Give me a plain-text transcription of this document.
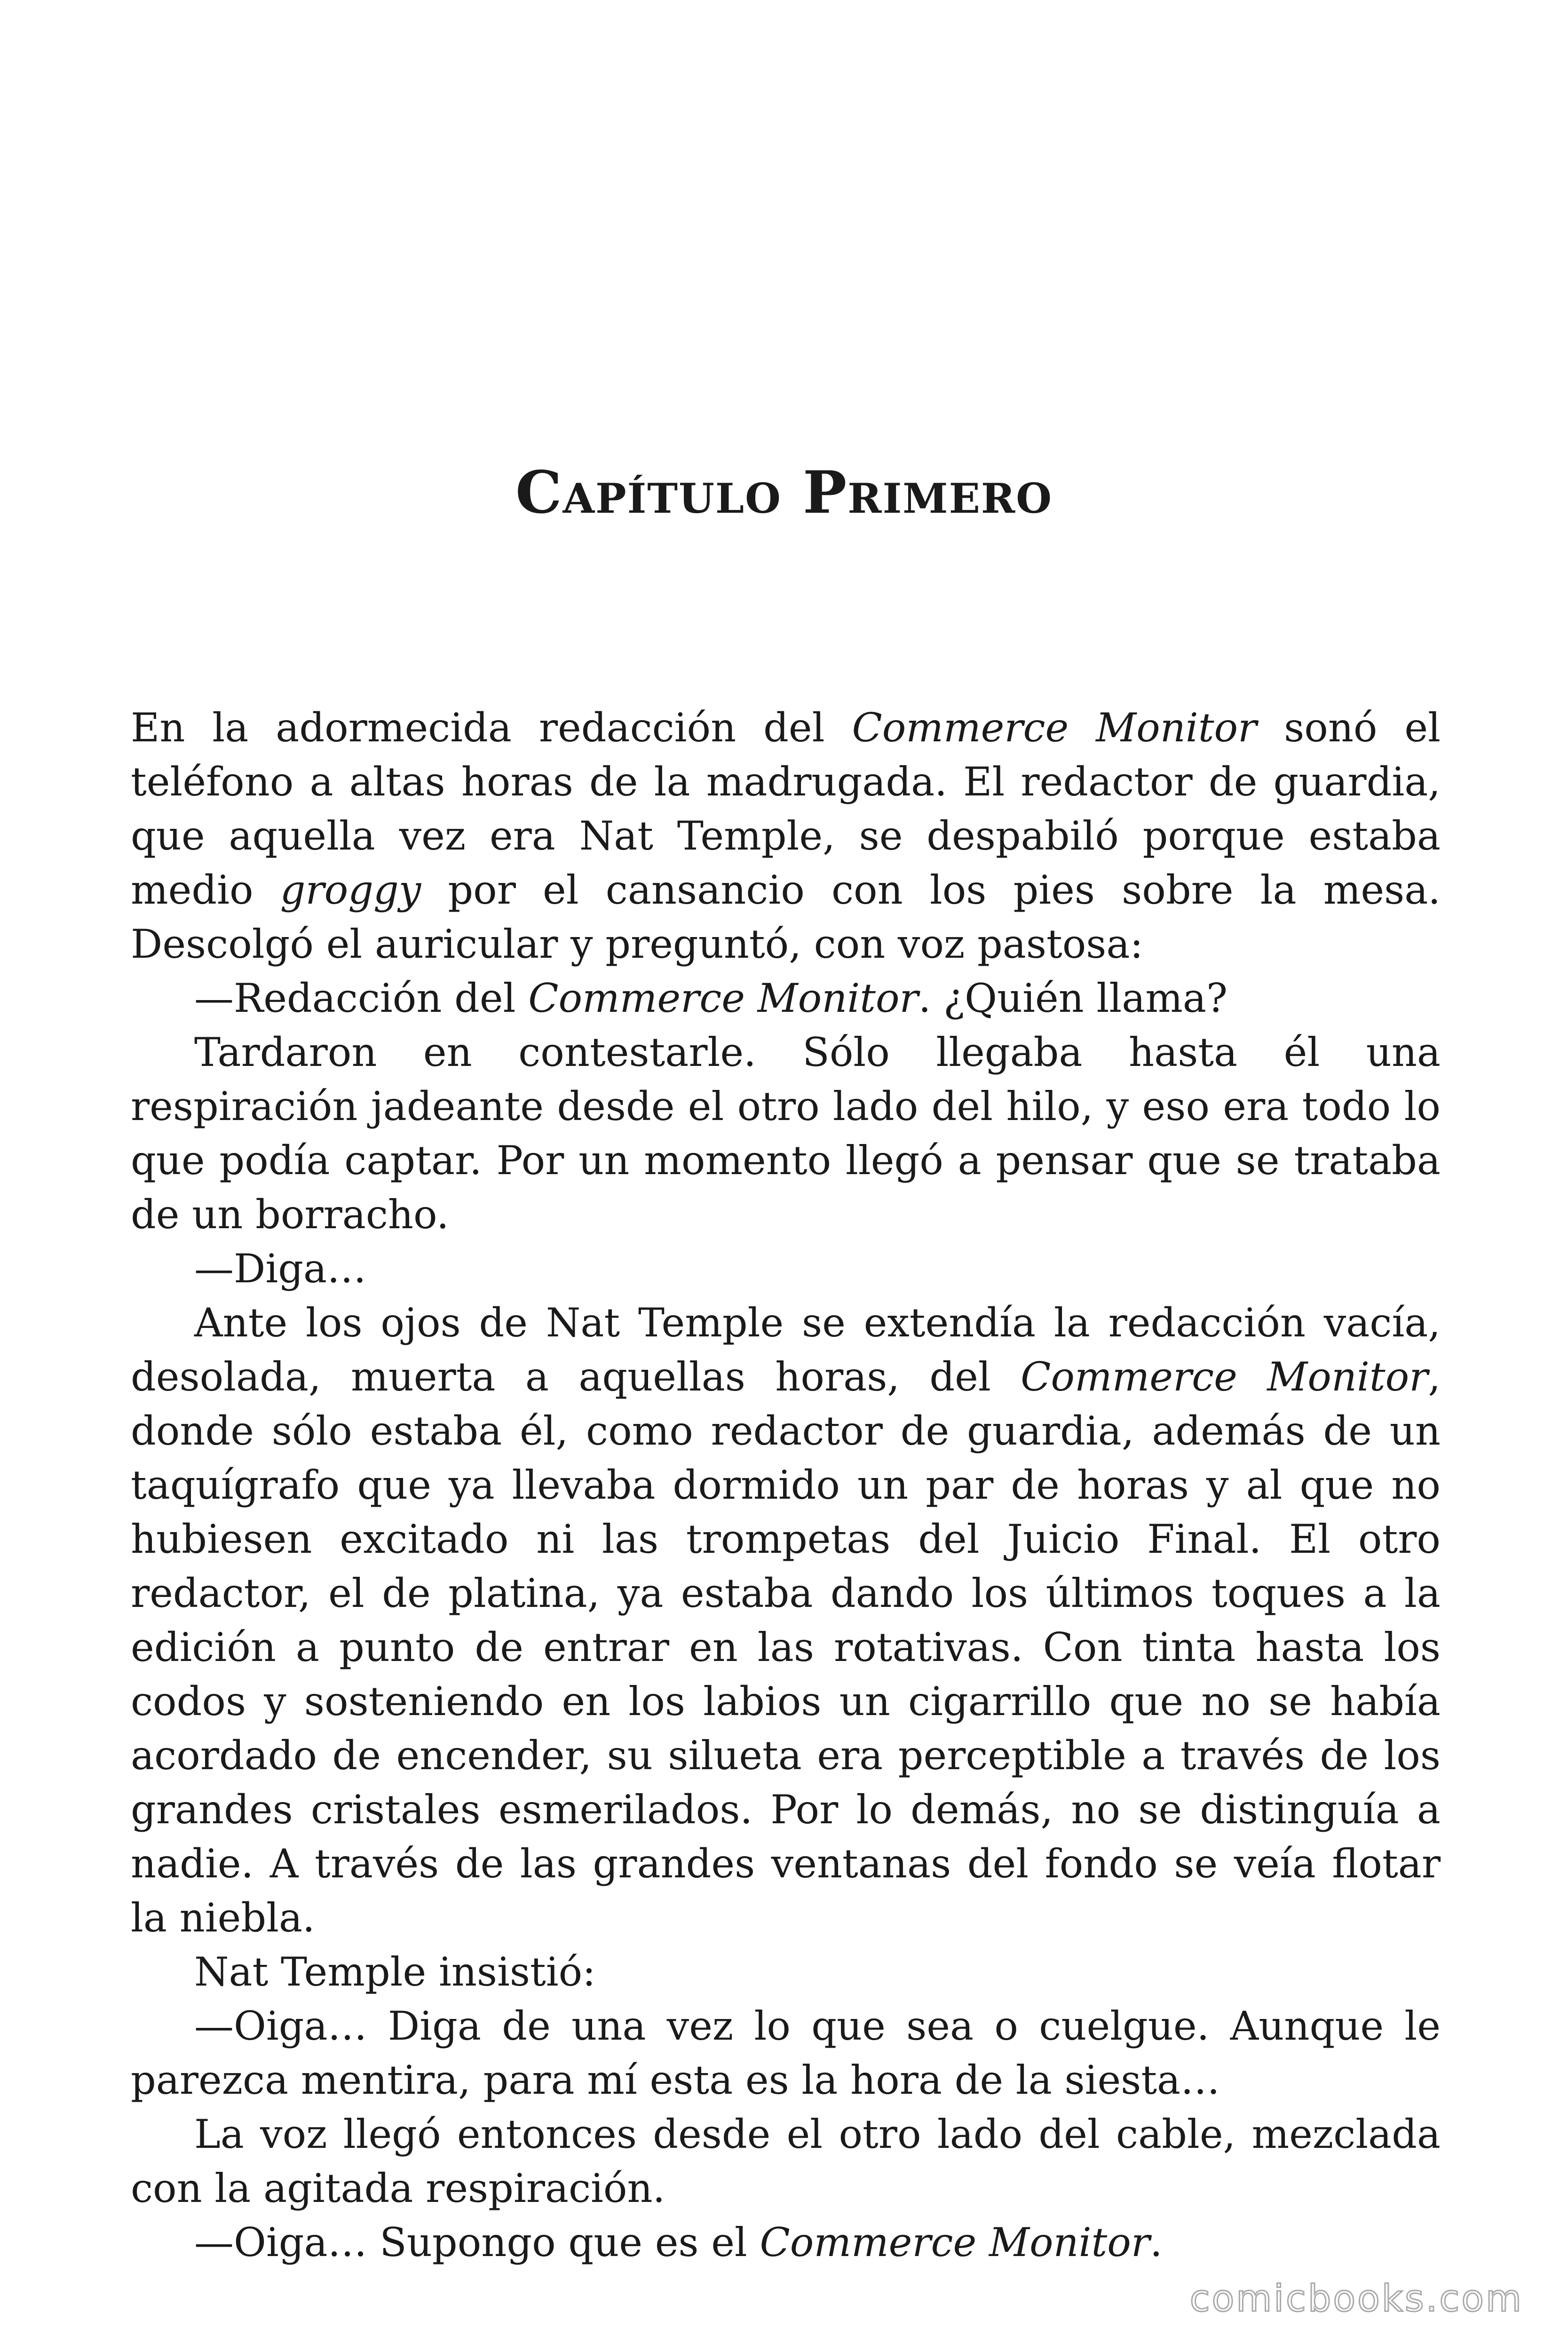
Capítulo Primero

En la adormecida redacción del Commerce Monitor sonó el teléfono a altas horas de la madrugada. El redactor de guardia, que aquella vez era Nat Temple, se despabiló porque estaba medio groggy por el cansancio con los pies sobre la mesa. Descolgó el auricular y preguntó, con voz pastosa:

—Redacción del Commerce Monitor. ¿Quién llama?

Tardaron en contestarle. Sólo llegaba hasta él una respiración jadeante desde el otro lado del hilo, y eso era todo lo que podía captar. Por un momento llegó a pensar que se trataba de un borracho.

—Diga…

Ante los ojos de Nat Temple se extendía la redacción vacía, desolada, muerta a aquellas horas, del Commerce Monitor, donde sólo estaba él, como redactor de guardia, además de un taquígrafo que ya llevaba dormido un par de horas y al que no hubiesen excitado ni las trompetas del Juicio Final. El otro redactor, el de platina, ya estaba dando los últimos toques a la edición a punto de entrar en las rotativas. Con tinta hasta los codos y sosteniendo en los labios un cigarrillo que no se había acordado de encender, su silueta era perceptible a través de los grandes cristales esmerilados. Por lo demás, no se distinguía a nadie. A través de las grandes ventanas del fondo se veía flotar la niebla.

Nat Temple insistió:

—Oiga… Diga de una vez lo que sea o cuelgue. Aunque le parezca mentira, para mí esta es la hora de la siesta…

La voz llegó entonces desde el otro lado del cable, mezclada con la agitada respiración.

—Oiga… Supongo que es el Commerce Monitor.

comicbooks.com
